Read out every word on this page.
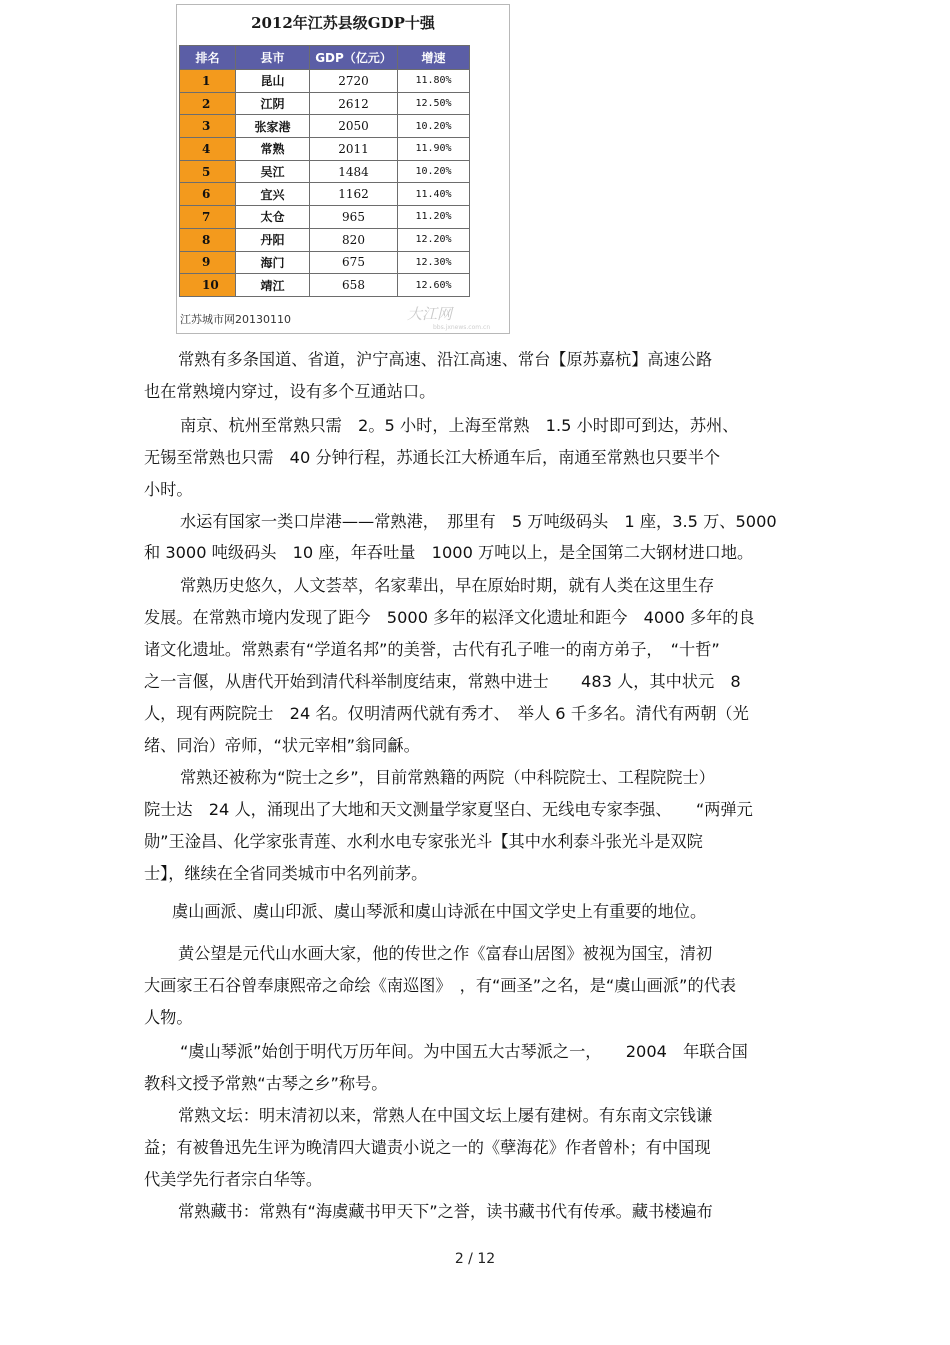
2012年江苏县级GDP十强
排名	县市	GDP（亿元）	增速
1	昆山	2720	11.80%
2	江阴	2612	12.50%
3	张家港	2050	10.20%
4	常熟	2011	11.90%
5	吴江	1484	10.20%
6	宜兴	1162	11.40%
7	太仓	965	11.20%
8	丹阳	820	12.20%
9	海门	675	12.30%
10	靖江	658	12.60%
江苏城市网20130110	大江网
bbs.jxnews.com.cn
常熟有多条国道、省道，沪宁高速、沿江高速、常台【原苏嘉杭】高速公路
也在常熟境内穿过，设有多个互通站口。
南京、杭州至常熟只需　2。5 小时，上海至常熟　1.5 小时即可到达，苏州、
无锡至常熟也只需　40 分钟行程，苏通长江大桥通车后，南通至常熟也只要半个
小时。
水运有国家一类口岸港——常熟港，　那里有　5 万吨级码头　1 座，3.5 万、5000
和 3000 吨级码头　10 座，年吞吐量　1000 万吨以上，是全国第二大钢材进口地。
常熟历史悠久，人文荟萃，名家辈出，早在原始时期，就有人类在这里生存
发展。在常熟市境内发现了距今　5000 多年的崧泽文化遗址和距今　4000 多年的良
诸文化遗址。常熟素有“学道名邦”的美誉，古代有孔子唯一的南方弟子，　“十哲”
之一言偃，从唐代开始到清代科举制度结束，常熟中进士　　483 人，其中状元　8
人，现有两院院士　24 名。仅明清两代就有秀才、　举人 6 千多名。清代有两朝（光
绪、同治）帝师，“状元宰相”翁同龢。
常熟还被称为“院士之乡”，目前常熟籍的两院（中科院院士、工程院院士）
院士达　24 人，涌现出了大地和天文测量学家夏坚白、无线电专家李强、　　“两弹元
勋”王淦昌、化学家张青莲、水利水电专家张光斗【其中水利泰斗张光斗是双院
士】，继续在全省同类城市中名列前茅。
虞山画派、虞山印派、虞山琴派和虞山诗派在中国文学史上有重要的地位。
黄公望是元代山水画大家，他的传世之作《富春山居图》被视为国宝，清初
大画家王石谷曾奉康熙帝之命绘《南巡图》　，有“画圣”之名，是“虞山画派”的代表
人物。
“虞山琴派”始创于明代万历年间。为中国五大古琴派之一，　　2004　年联合国
教科文授予常熟“古琴之乡”称号。
常熟文坛：明末清初以来，常熟人在中国文坛上屡有建树。有东南文宗钱谦
益；有被鲁迅先生评为晚清四大谴责小说之一的《孽海花》作者曾朴；有中国现
代美学先行者宗白华等。
常熟藏书：常熟有“海虞藏书甲天下”之誉，读书藏书代有传承。藏书楼遍布
2 / 12
